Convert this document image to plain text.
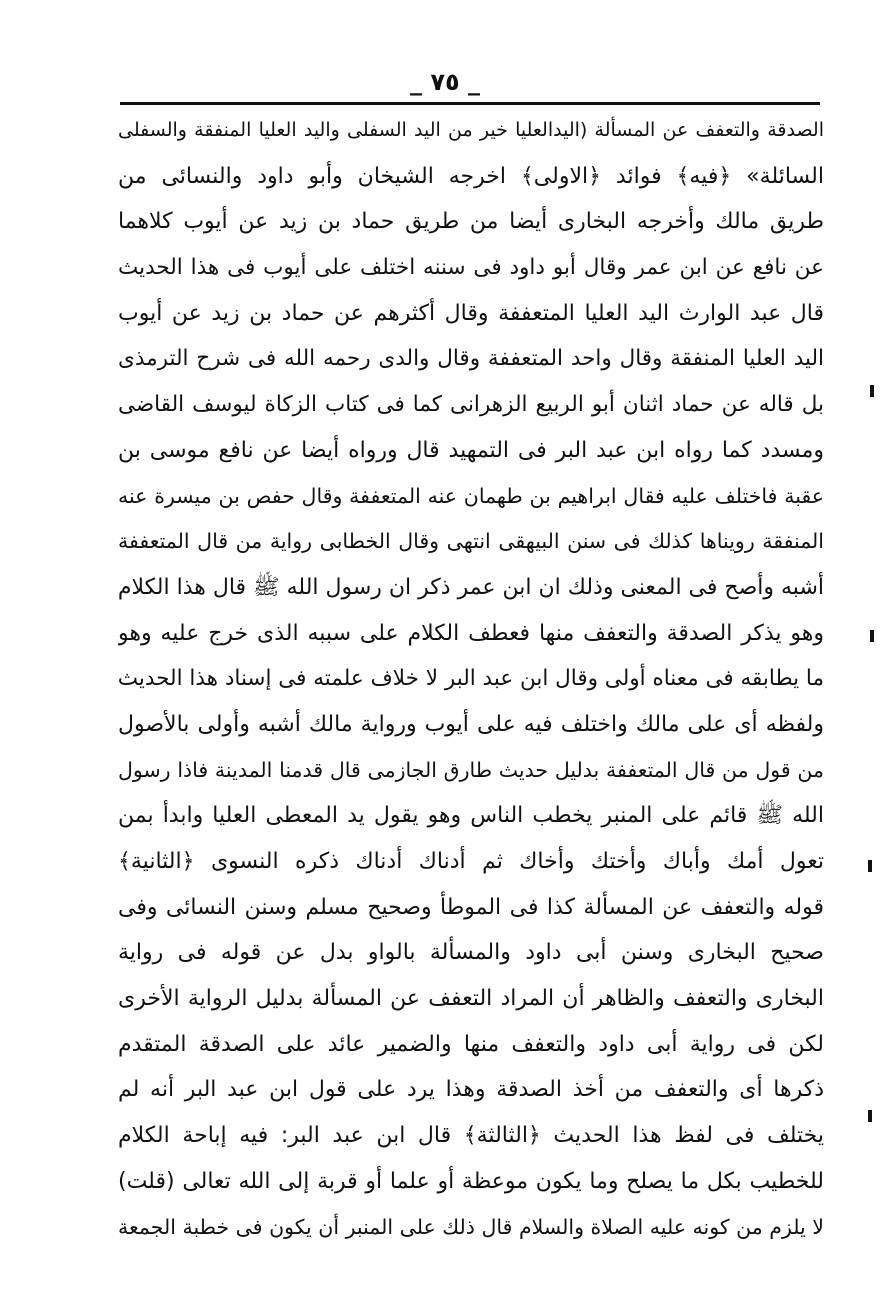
_ ٧٥ _
الصدقة والتعفف عن المسألة (اليدالعليا خير من اليد السفلى واليد العليا المنفقة والسفلى
السائلة» ﴿فيه﴾ فوائد ﴿الاولى﴾ اخرجه الشيخان وأبو داود والنسائى من
طريق مالك وأخرجه البخارى أيضا من طريق حماد بن زيد عن أيوب كلاهما
عن نافع عن ابن عمر وقال أبو داود فى سننه اختلف على أيوب فى هذا الحديث
قال عبد الوارث اليد العليا المتعففة وقال أكثرهم عن حماد بن زيد عن أيوب
اليد العليا المنفقة وقال واحد المتعففة وقال والدى رحمه الله فى شرح الترمذى
بل قاله عن حماد اثنان أبو الربيع الزهرانى كما فى كتاب الزكاة ليوسف القاضى
ومسدد كما رواه ابن عبد البر فى التمهيد قال ورواه أيضا عن نافع موسى بن
عقبة فاختلف عليه فقال ابراهيم بن طهمان عنه المتعففة وقال حفص بن ميسرة عنه
المنفقة رويناها كذلك فى سنن البيهقى انتهى وقال الخطابى رواية من قال المتعففة
أشبه وأصح فى المعنى وذلك ان ابن عمر ذكر ان رسول الله ﷺ قال هذا الكلام
وهو يذكر الصدقة والتعفف منها فعطف الكلام على سببه الذى خرج عليه وهو
ما يطابقه فى معناه أولى وقال ابن عبد البر لا خلاف علمته فى إسناد هذا الحديث
ولفظه أى على مالك واختلف فيه على أيوب ورواية مالك أشبه وأولى بالأصول
من قول من قال المتعففة بدليل حديث طارق الجازمى قال قدمنا المدينة فاذا رسول
الله ﷺ قائم على المنبر يخطب الناس وهو يقول يد المعطى العليا وابدأ بمن
تعول أمك وأباك وأختك وأخاك ثم أدناك أدناك ذكره النسوى ﴿الثانية﴾
قوله والتعفف عن المسألة كذا فى الموطأ وصحيح مسلم وسنن النسائى وفى
صحيح البخارى وسنن أبى داود والمسألة بالواو بدل عن قوله فى رواية
البخارى والتعفف والظاهر أن المراد التعفف عن المسألة بدليل الرواية الأخرى
لكن فى رواية أبى داود والتعفف منها والضمير عائد على الصدقة المتقدم
ذكرها أى والتعفف من أخذ الصدقة وهذا يرد على قول ابن عبد البر أنه لم
يختلف فى لفظ هذا الحديث ﴿الثالثة﴾ قال ابن عبد البر: فيه إباحة الكلام
للخطيب بكل ما يصلح وما يكون موعظة أو علما أو قربة إلى الله تعالى (قلت)
لا يلزم من كونه عليه الصلاة والسلام قال ذلك على المنبر أن يكون فى خطبة الجمعة
